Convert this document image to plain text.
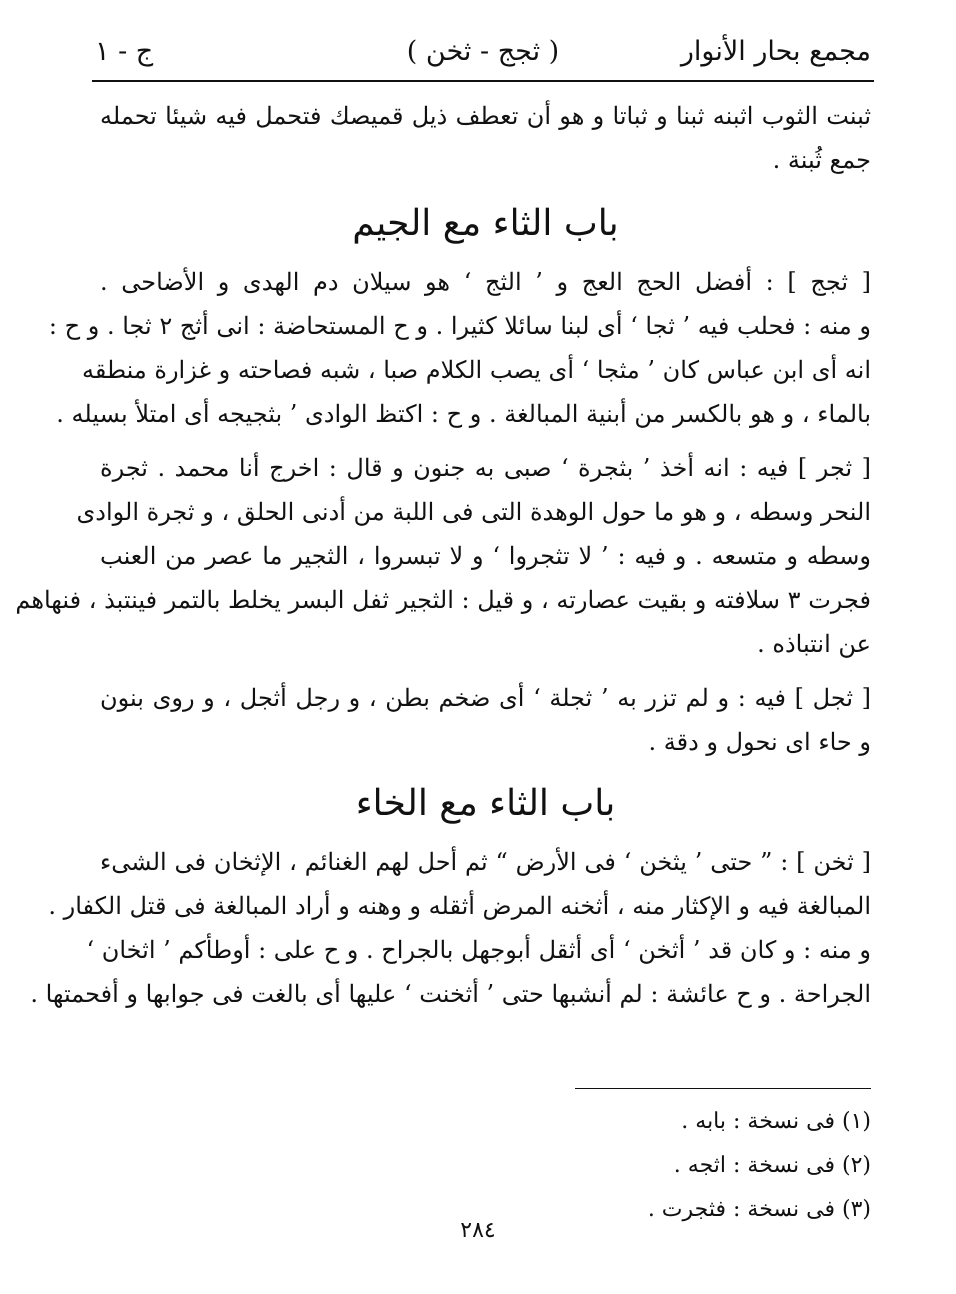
مجمع بحار الأنوار
( ثجج - ثخن )
ج - ١
ثبنت الثوب اثبنه ثبنا و ثباتا و هو أن تعطف ذيل قميصك فتحمل فيه شيئا تحمله
جمع ثُبنة .
باب الثاء مع الجيم
[ ثجج ] : أفضل الحج العج و ’ الثج ‘ هو سيلان دم الهدى و الأضاحى .
و منه : فحلب فيه ’ ثجا ‘ أى لبنا سائلا كثيرا . و ح المستحاضة : انى أثج ٢ ثجا . و ح :
انه أى ابن عباس كان ’ مثجا ‘ أى يصب الكلام صبا ، شبه فصاحته و غزارة منطقه
بالماء ، و هو بالكسر من أبنية المبالغة . و ح : اكتظ الوادى ’ بثجيجه أى امتلأ بسيله .
[ ثجر ] فيه : انه أخذ ’ بثجرة ‘ صبى به جنون و قال : اخرج أنا محمد . ثجرة
النحر وسطه ، و هو ما حول الوهدة التى فى اللبة من أدنى الحلق ، و ثجرة الوادى
وسطه و متسعه . و فيه : ’ لا تثجروا ‘ و لا تبسروا ، الثجير ما عصر من العنب
فجرت ٣ سلافته و بقيت عصارته ، و قيل : الثجير ثفل البسر يخلط بالتمر فينتبذ ، فنهاهم
عن انتباذه .
[ ثجل ] فيه : و لم تزر به ’ ثجلة ‘ أى ضخم بطن ، و رجل أثجل ، و روى بنون
و حاء اى نحول و دقة .
باب الثاء مع الخاء
[ ثخن ] : ” حتى ’ يثخن ‘ فى الأرض “ ثم أحل لهم الغنائم ، الإثخان فى الشىء
المبالغة فيه و الإكثار منه ، أثخنه المرض أثقله و وهنه و أراد المبالغة فى قتل الكفار .
و منه : و كان قد ’ أثخن ‘ أى أثقل أبوجهل بالجراح . و ح على : أوطأكم ’ اثخان ‘
الجراحة . و ح عائشة : لم أنشبها حتى ’ أثخنت ‘ عليها أى بالغت فى جوابها و أفحمتها .
(١) فى نسخة : بابه .
(٢) فى نسخة : اثجه .
(٣) فى نسخة : فثجرت .
٢٨٤
